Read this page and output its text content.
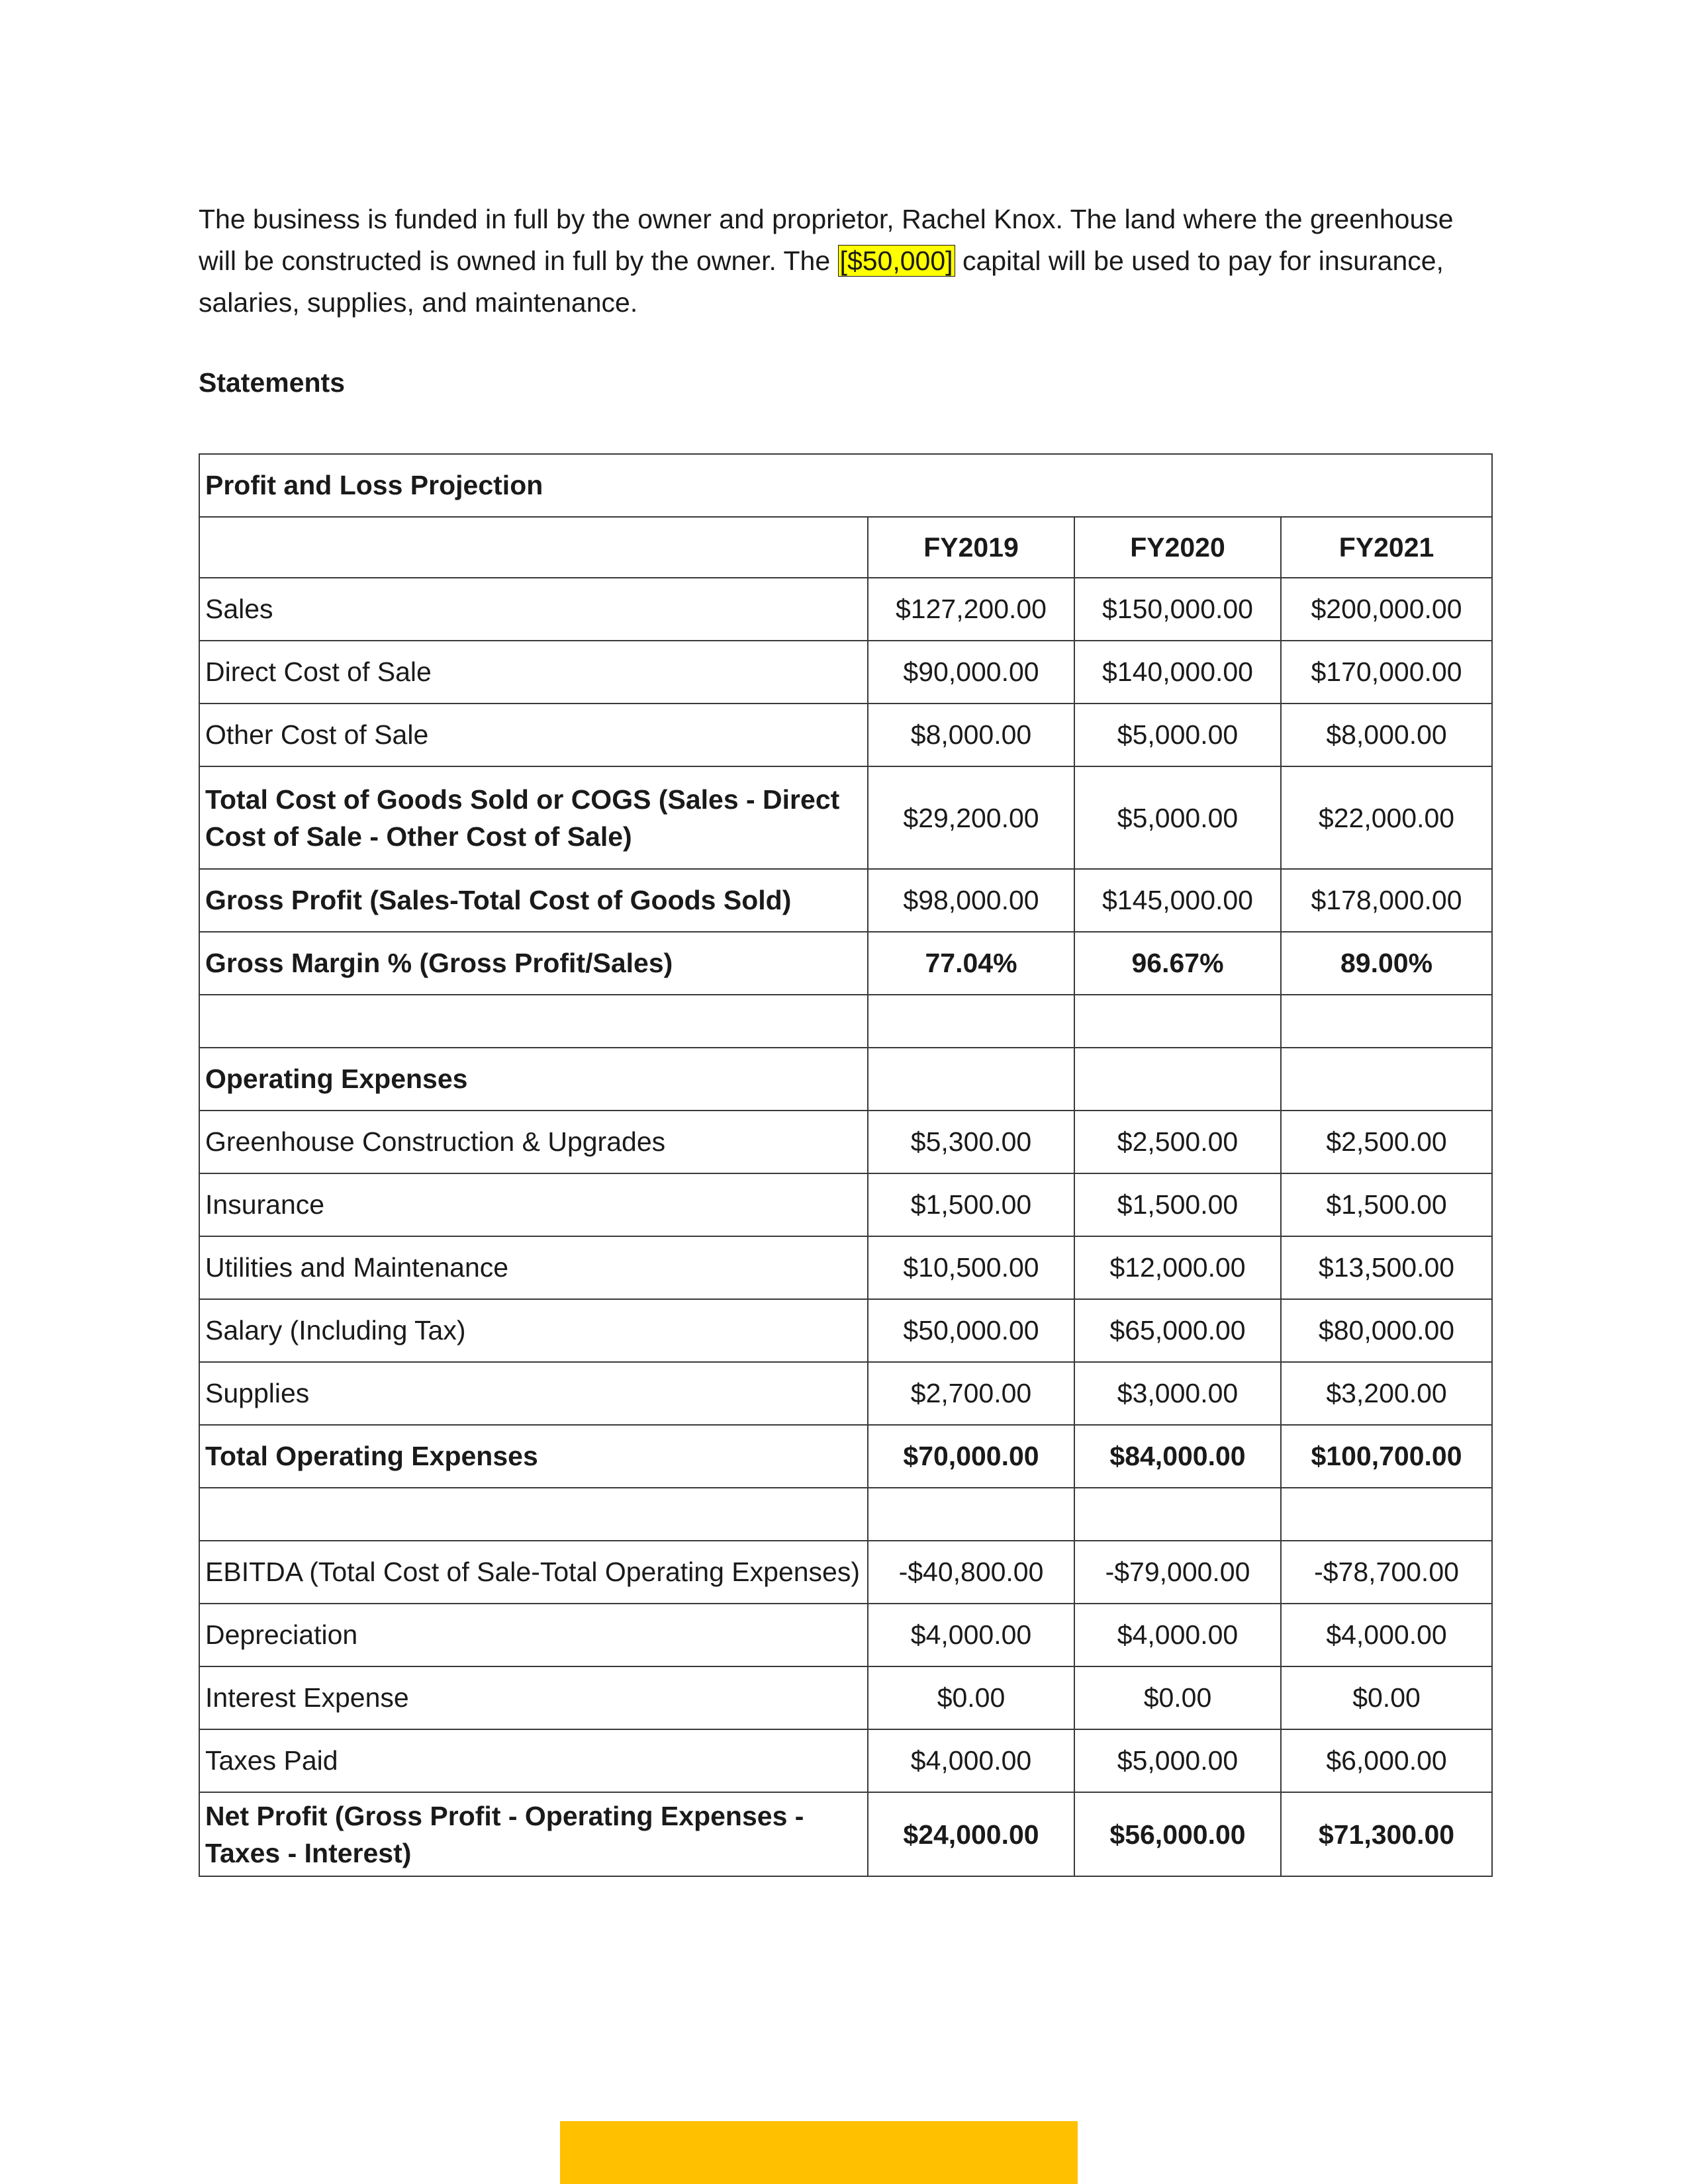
The business is funded in full by the owner and proprietor, Rachel Knox. The land where the greenhouse will be constructed is owned in full by the owner. The [$50,000] capital will be used to pay for insurance, salaries, supplies, and maintenance.

Statements

Profit and Loss Projection			
	FY2019	FY2020	FY2021
Sales	$127,200.00	$150,000.00	$200,000.00
Direct Cost of Sale	$90,000.00	$140,000.00	$170,000.00
Other Cost of Sale	$8,000.00	$5,000.00	$8,000.00
Total Cost of Goods Sold or COGS (Sales - Direct Cost of Sale - Other Cost of Sale)	$29,200.00	$5,000.00	$22,000.00
Gross Profit (Sales-Total Cost of Goods Sold)	$98,000.00	$145,000.00	$178,000.00
Gross Margin % (Gross Profit/Sales)	77.04%	96.67%	89.00%

Operating Expenses			
Greenhouse Construction & Upgrades	$5,300.00	$2,500.00	$2,500.00
Insurance	$1,500.00	$1,500.00	$1,500.00
Utilities and Maintenance	$10,500.00	$12,000.00	$13,500.00
Salary (Including Tax)	$50,000.00	$65,000.00	$80,000.00
Supplies	$2,700.00	$3,000.00	$3,200.00
Total Operating Expenses	$70,000.00	$84,000.00	$100,700.00

EBITDA (Total Cost of Sale-Total Operating Expenses)	-$40,800.00	-$79,000.00	-$78,700.00
Depreciation	$4,000.00	$4,000.00	$4,000.00
Interest Expense	$0.00	$0.00	$0.00
Taxes Paid	$4,000.00	$5,000.00	$6,000.00
Net Profit (Gross Profit - Operating Expenses - Taxes - Interest)	$24,000.00	$56,000.00	$71,300.00
